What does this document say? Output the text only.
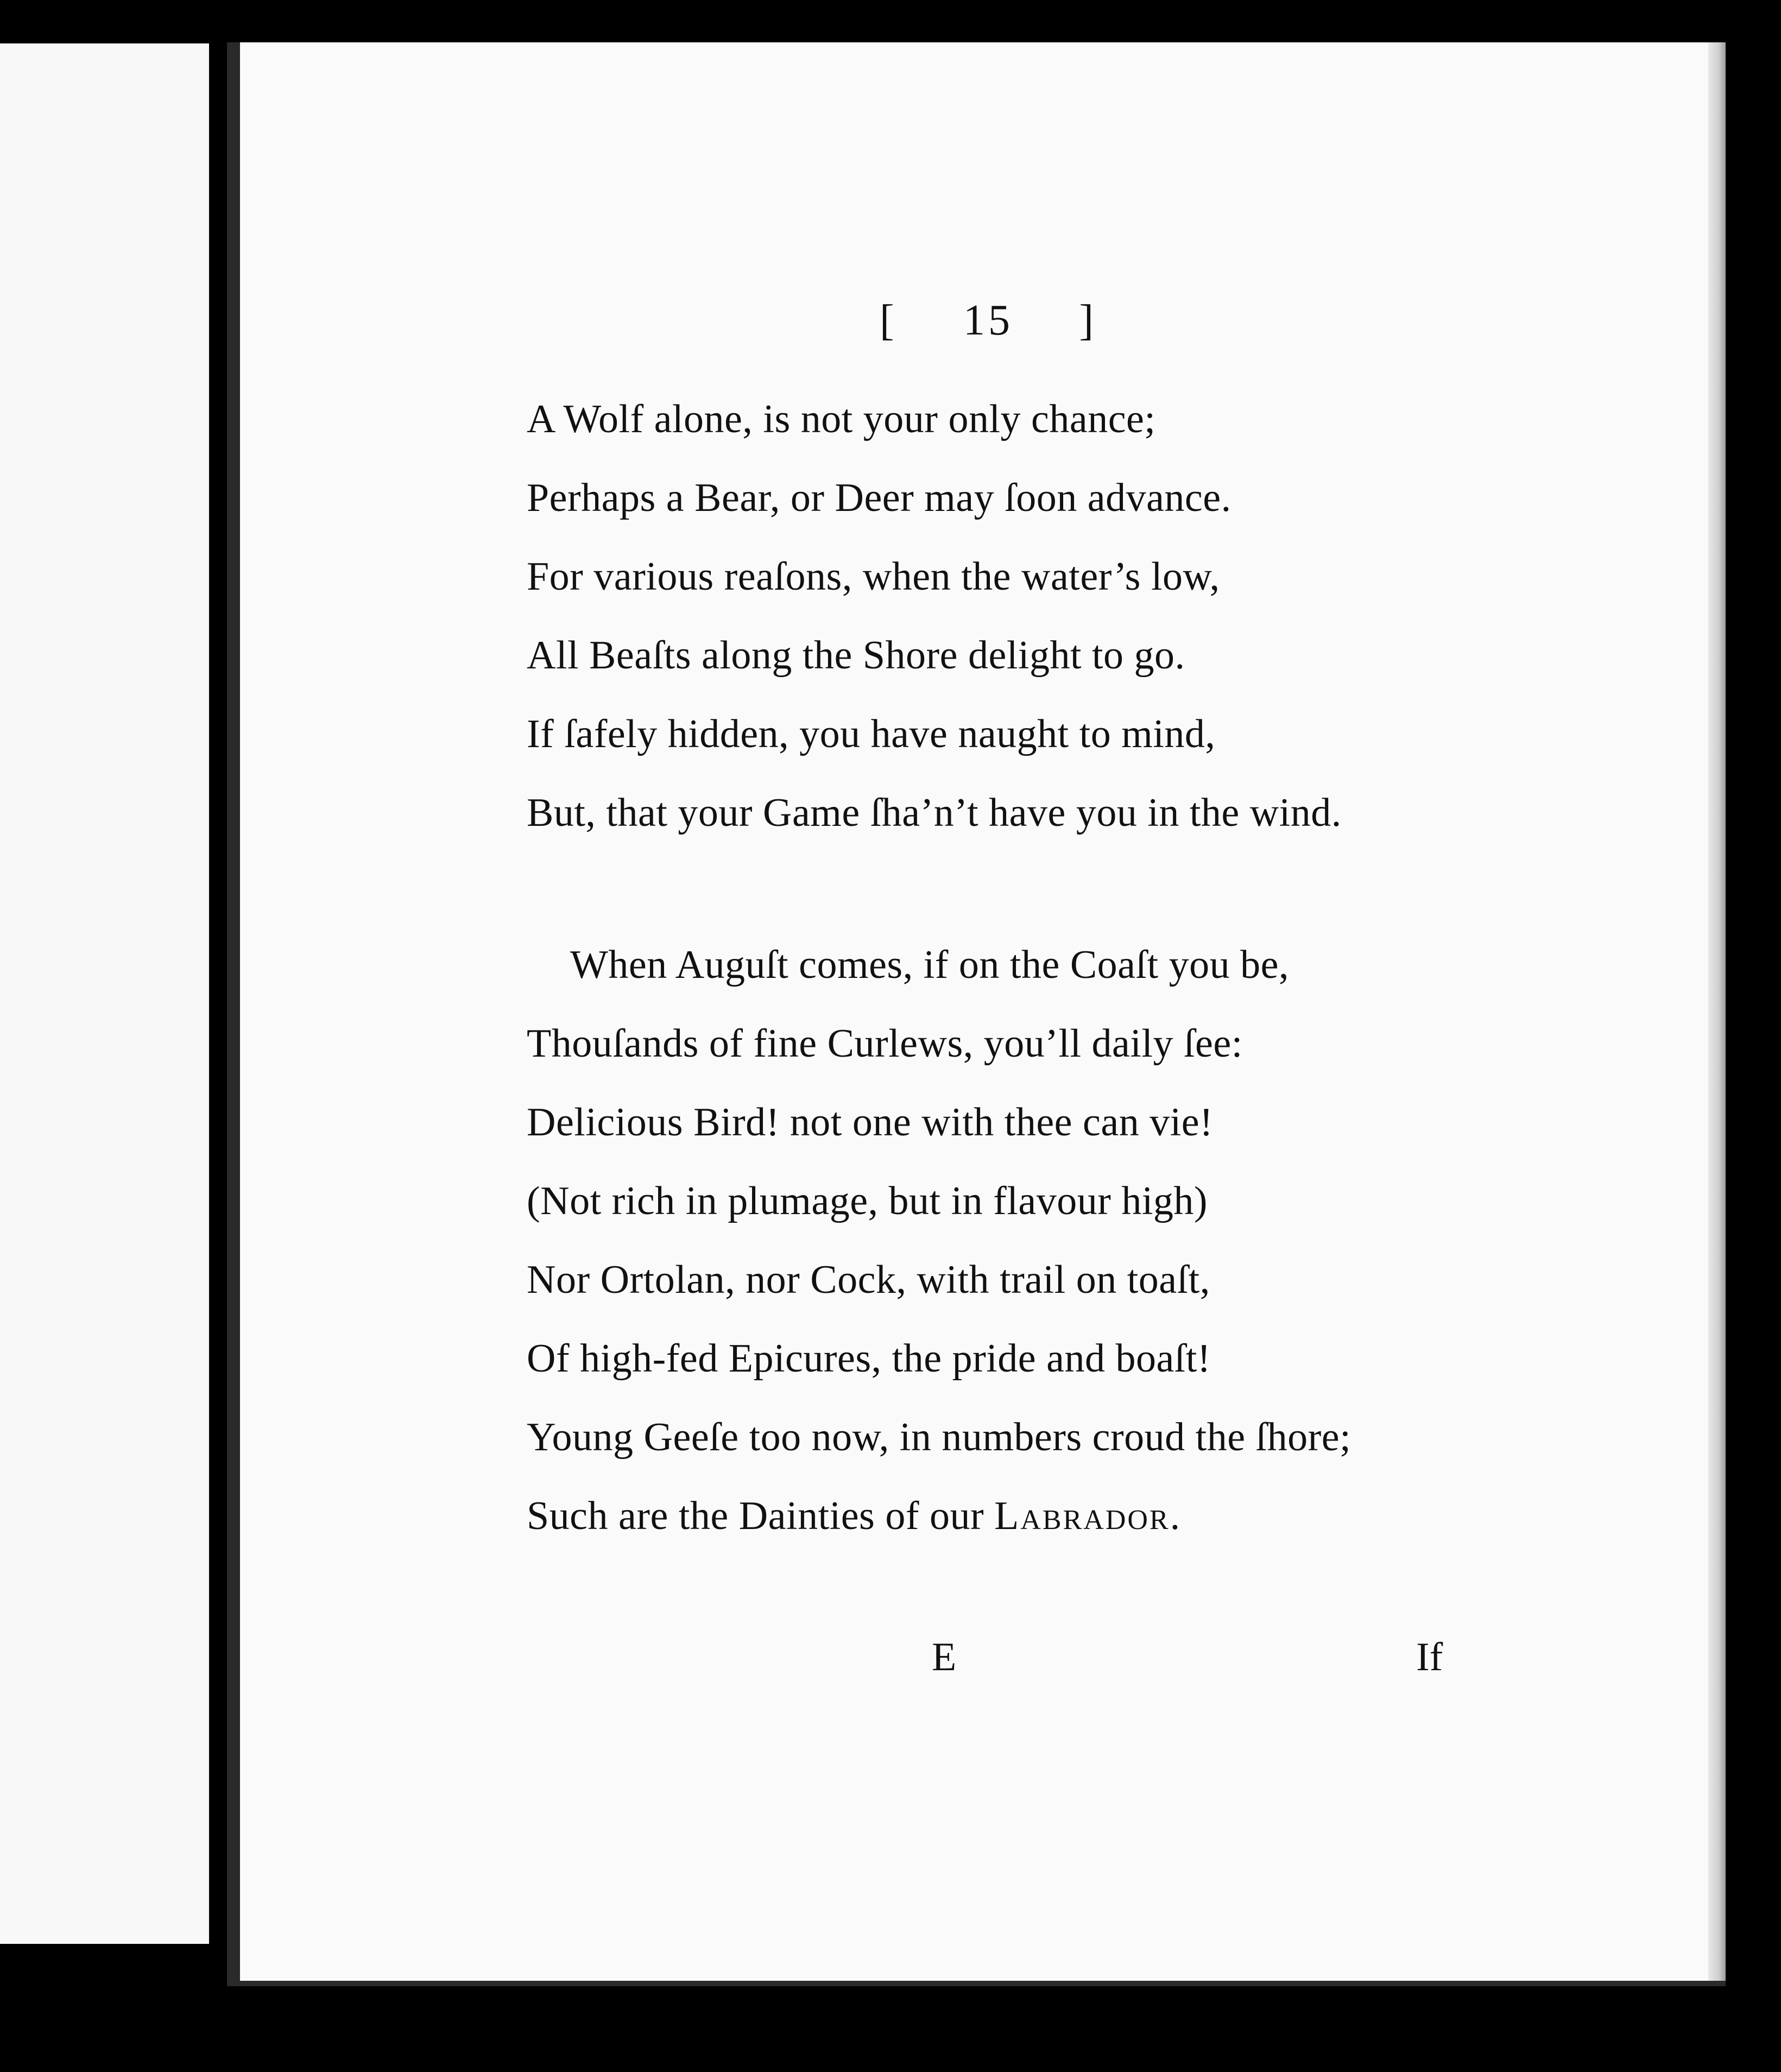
[ 15 ]
A Wolf alone, is not your only chance;
Perhaps a Bear, or Deer may ſoon advance.
For various reaſons, when the water’s low,
All Beaſts along the Shore delight to go.
If ſafely hidden, you have naught to mind,
But, that your Game ſha’n’t have you in the wind.
When Auguſt comes, if on the Coaſt you be,
Thouſands of fine Curlews, you’ll daily ſee:
Delicious Bird! not one with thee can vie!
(Not rich in plumage, but in flavour high)
Nor Ortolan, nor Cock, with trail on toaſt,
Of high-fed Epicures, the pride and boaſt!
Young Geeſe too now, in numbers croud the ſhore;
Such are the Dainties of our Labrador.
E	If
